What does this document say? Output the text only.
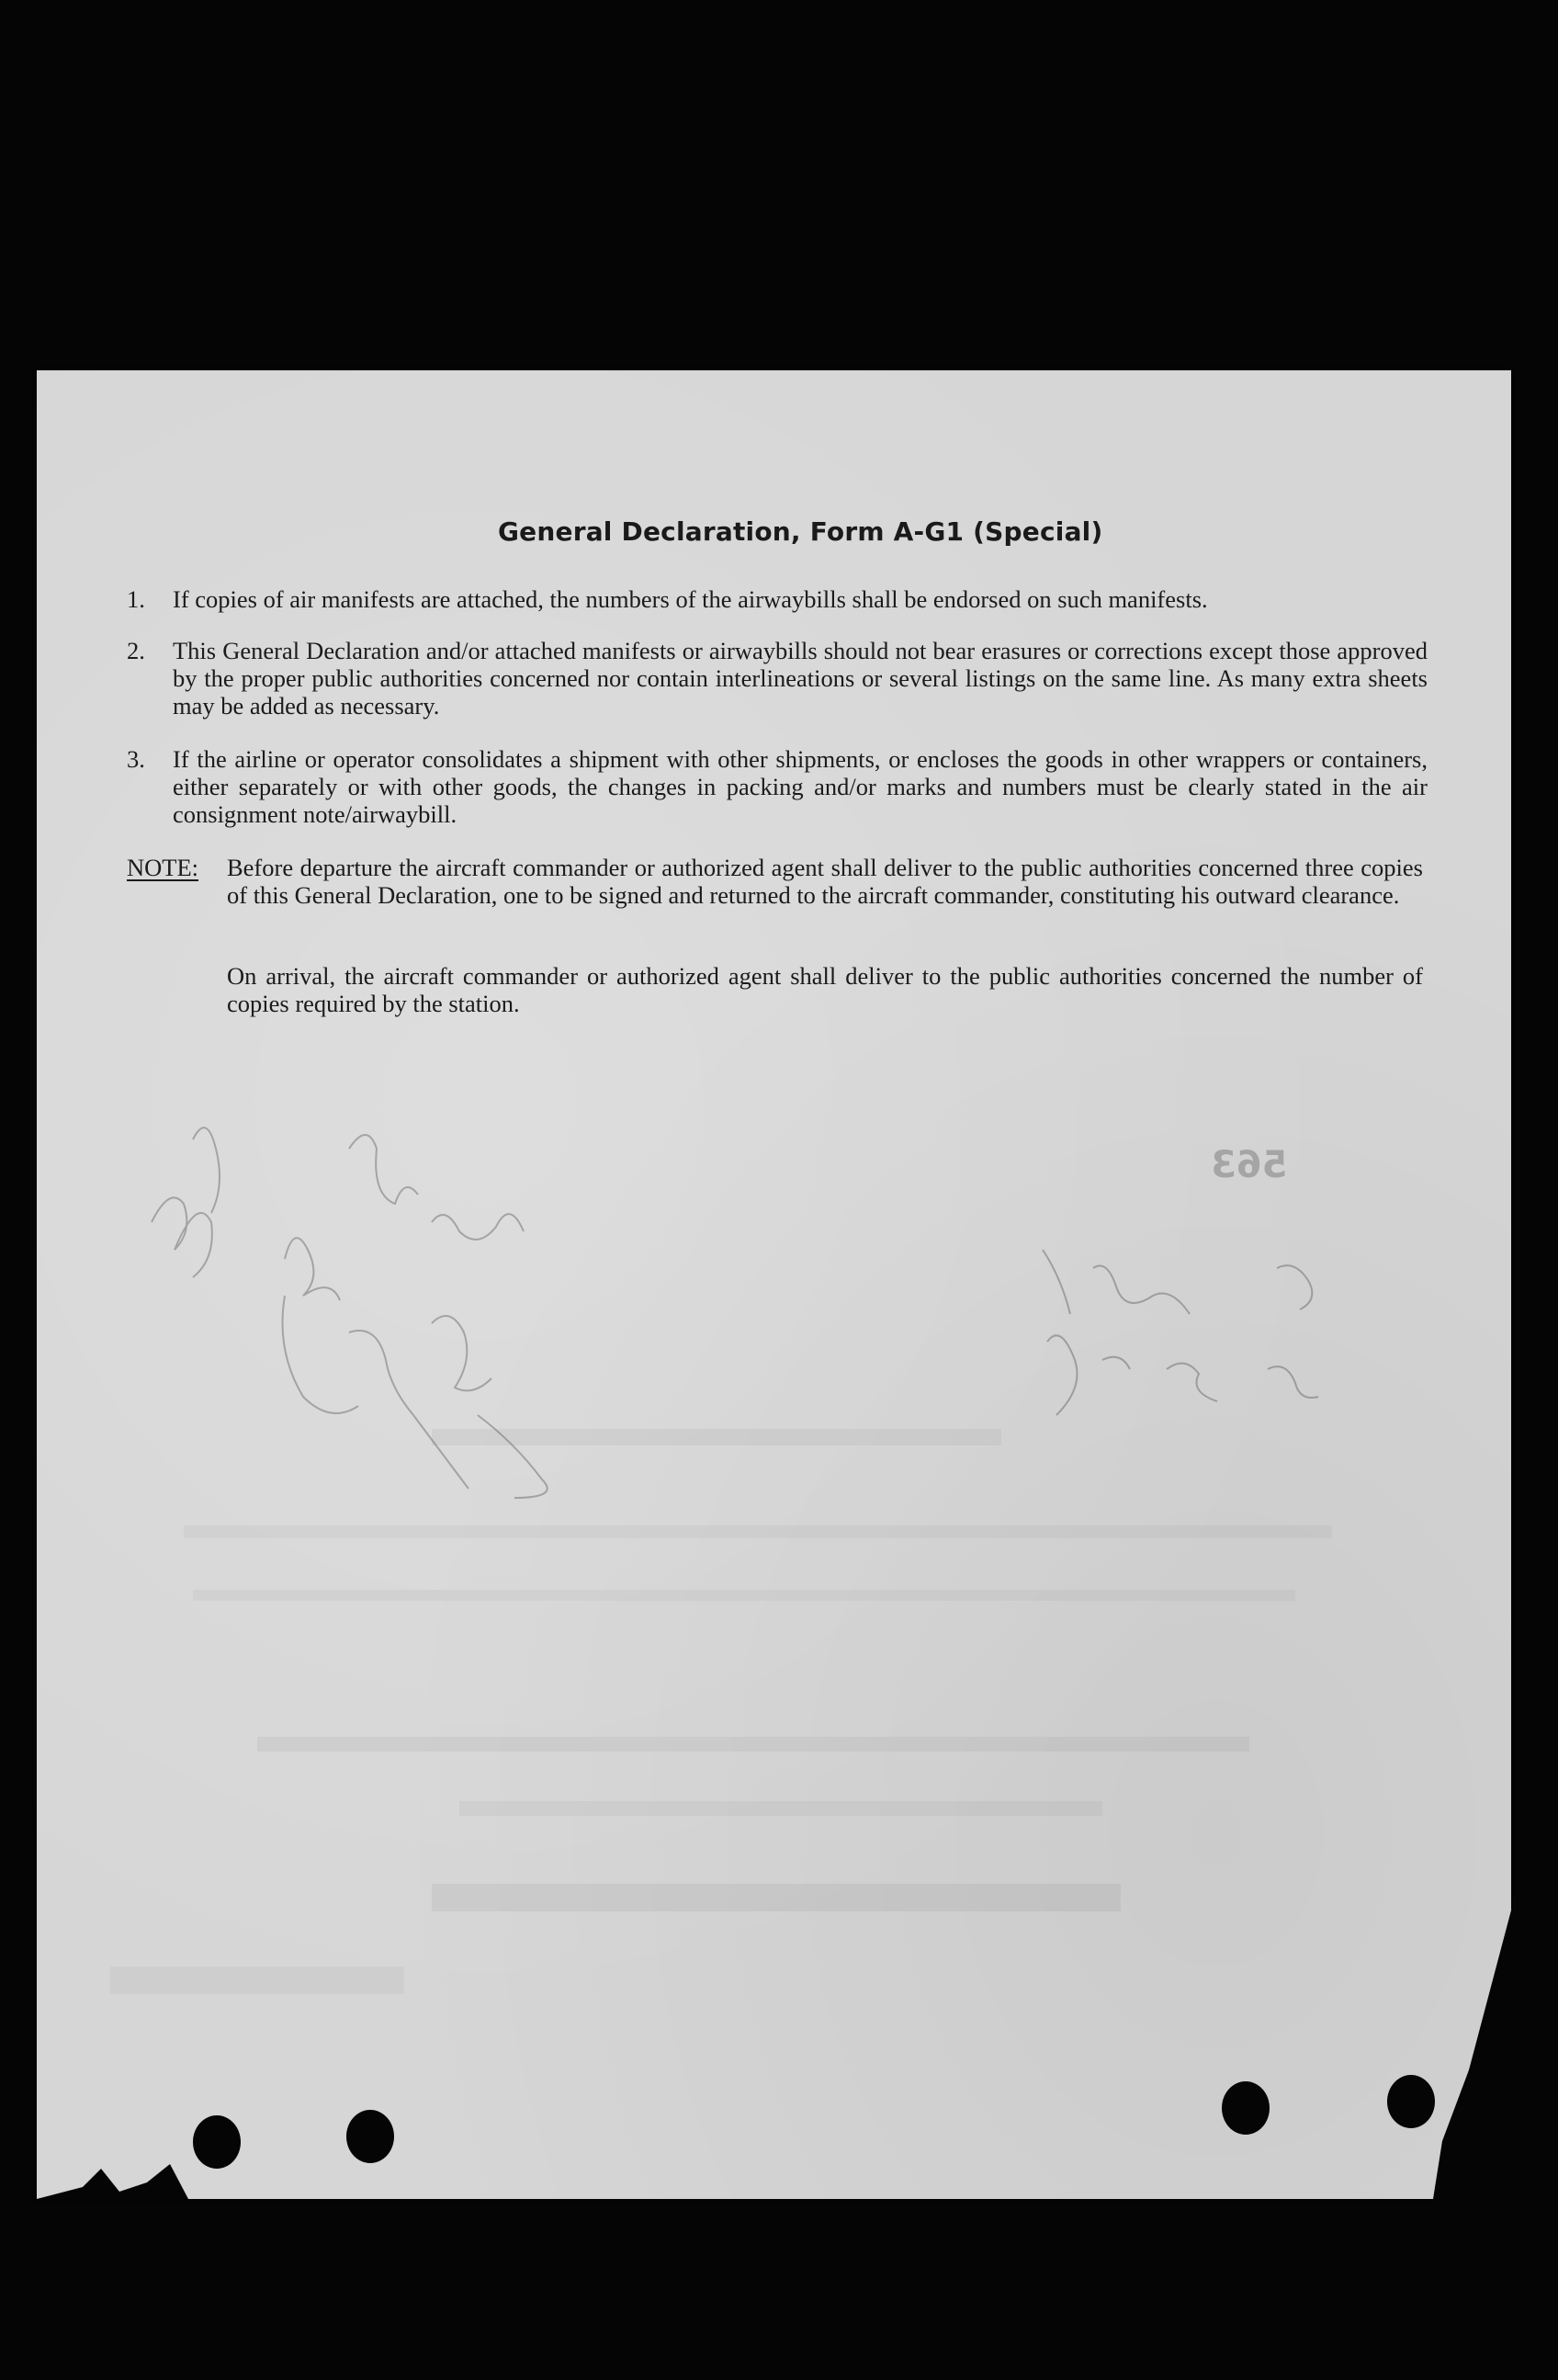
General Declaration, Form A-G1 (Special)
1. If copies of air manifests are attached, the numbers of the airwaybills shall be endorsed on such manifests.
2. This General Declaration and/or attached manifests or airwaybills should not bear erasures or corrections except those approved by the proper public authorities concerned nor contain interlineations or several listings on the same line. As many extra sheets may be added as necessary.
3. If the airline or operator consolidates a shipment with other shipments, or encloses the goods in other wrappers or containers, either separately or with other goods, the changes in packing and/or marks and numbers must be clearly stated in the air consignment note/airwaybill.
NOTE: Before departure the aircraft commander or authorized agent shall deliver to the public authorities concerned three copies of this General Declaration, one to be signed and returned to the aircraft commander, constituting his outward clearance.
On arrival, the aircraft commander or authorized agent shall deliver to the public authorities concerned the number of copies required by the station.
563
